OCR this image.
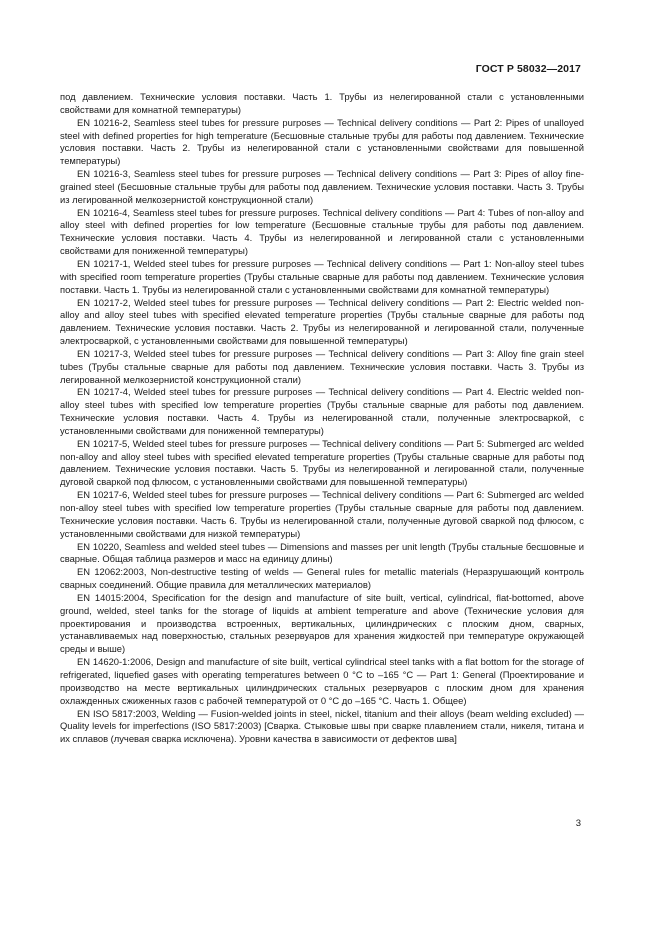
ГОСТ Р 58032—2017

под давлением. Технические условия поставки. Часть 1. Трубы из нелегированной стали с установленными свойствами для комнатной температуры)

EN 10216-2, Seamless steel tubes for pressure purposes — Technical delivery conditions — Part 2: Pipes of unalloyed steel with defined properties for high temperature (Бесшовные стальные трубы для работы под давлением. Технические условия поставки. Часть 2. Трубы из нелегированной стали с установленными свойствами для повышенной температуры)

EN 10216-3, Seamless steel tubes for pressure purposes — Technical delivery conditions — Part 3: Pipes of alloy fine-grained steel (Бесшовные стальные трубы для работы под давлением. Технические условия поставки. Часть 3. Трубы из легированной мелкозернистой конструкционной стали)

EN 10216-4, Seamless steel tubes for pressure purposes. Technical delivery conditions — Part 4: Tubes of non-alloy and alloy steel with defined properties for low temperature (Бесшовные стальные трубы для работы под давлением. Технические условия поставки. Часть 4. Трубы из нелегированной и легированной стали с установленными свойствами для пониженной температуры)

EN 10217-1, Welded steel tubes for pressure purposes — Technical delivery conditions — Part 1: Non-alloy steel tubes with specified room temperature properties (Трубы стальные сварные для работы под давлением. Технические условия поставки. Часть 1. Трубы из нелегированной стали с установленными свойствами для комнатной температуры)

EN 10217-2, Welded steel tubes for pressure purposes — Technical delivery conditions — Part 2: Electric welded non-alloy and alloy steel tubes with specified elevated temperature properties (Трубы стальные сварные для работы под давлением. Технические условия поставки. Часть 2. Трубы из нелегированной и легированной стали, полученные электросваркой, с установленными свойствами для повышенной температуры)

EN 10217-3, Welded steel tubes for pressure purposes — Technical delivery conditions — Part 3: Alloy fine grain steel tubes (Трубы стальные сварные для работы под давлением. Технические условия поставки. Часть 3. Трубы из легированной мелкозернистой конструкционной стали)

EN 10217-4, Welded steel tubes for pressure purposes — Technical delivery conditions — Part 4. Electric welded non-alloy steel tubes with specified low temperature properties (Трубы стальные сварные для работы под давлением. Технические условия поставки. Часть 4. Трубы из нелегированной стали, полученные электросваркой, с установленными свойствами для пониженной температуры)

EN 10217-5, Welded steel tubes for pressure purposes — Technical delivery conditions — Part 5: Submerged arc welded non-alloy and alloy steel tubes with specified elevated temperature properties (Трубы стальные сварные для работы под давлением. Технические условия поставки. Часть 5. Трубы из нелегированной и легированной стали, полученные дуговой сваркой под флюсом, с установленными свойствами для повышенной температуры)

EN 10217-6, Welded steel tubes for pressure purposes — Technical delivery conditions — Part 6: Submerged arc welded non-alloy steel tubes with specified low temperature properties (Трубы стальные сварные для работы под давлением. Технические условия поставки. Часть 6. Трубы из нелегированной стали, полученные дуговой сваркой под флюсом, с установленными свойствами для низкой температуры)

EN 10220, Seamless and welded steel tubes — Dimensions and masses per unit length (Трубы стальные бесшовные и сварные. Общая таблица размеров и масс на единицу длины)

EN 12062:2003, Non-destructive testing of welds — General rules for metallic materials (Неразрушающий контроль сварных соединений. Общие правила для металлических материалов)

EN 14015:2004, Specification for the design and manufacture of site built, vertical, cylindrical, flat-bottomed, above ground, welded, steel tanks for the storage of liquids at ambient temperature and above (Технические условия для проектирования и производства встроенных, вертикальных, цилиндрических с плоским дном, сварных, устанавливаемых над поверхностью, стальных резервуаров для хранения жидкостей при температуре окружающей среды и выше)

EN 14620-1:2006, Design and manufacture of site built, vertical cylindrical steel tanks with a flat bottom for the storage of refrigerated, liquefied gases with operating temperatures between 0 °C to –165 °C — Part 1: General (Проектирование и производство на месте вертикальных цилиндрических стальных резервуаров с плоским дном для хранения охлажденных сжиженных газов с рабочей температурой от 0 °C до –165 °C. Часть 1. Общее)

EN ISO 5817:2003, Welding — Fusion-welded joints in steel, nickel, titanium and their alloys (beam welding excluded) — Quality levels for imperfections (ISO 5817:2003) [Сварка. Стыковые швы при сварке плавлением стали, никеля, титана и их сплавов (лучевая сварка исключена). Уровни качества в зависимости от дефектов шва]

3
